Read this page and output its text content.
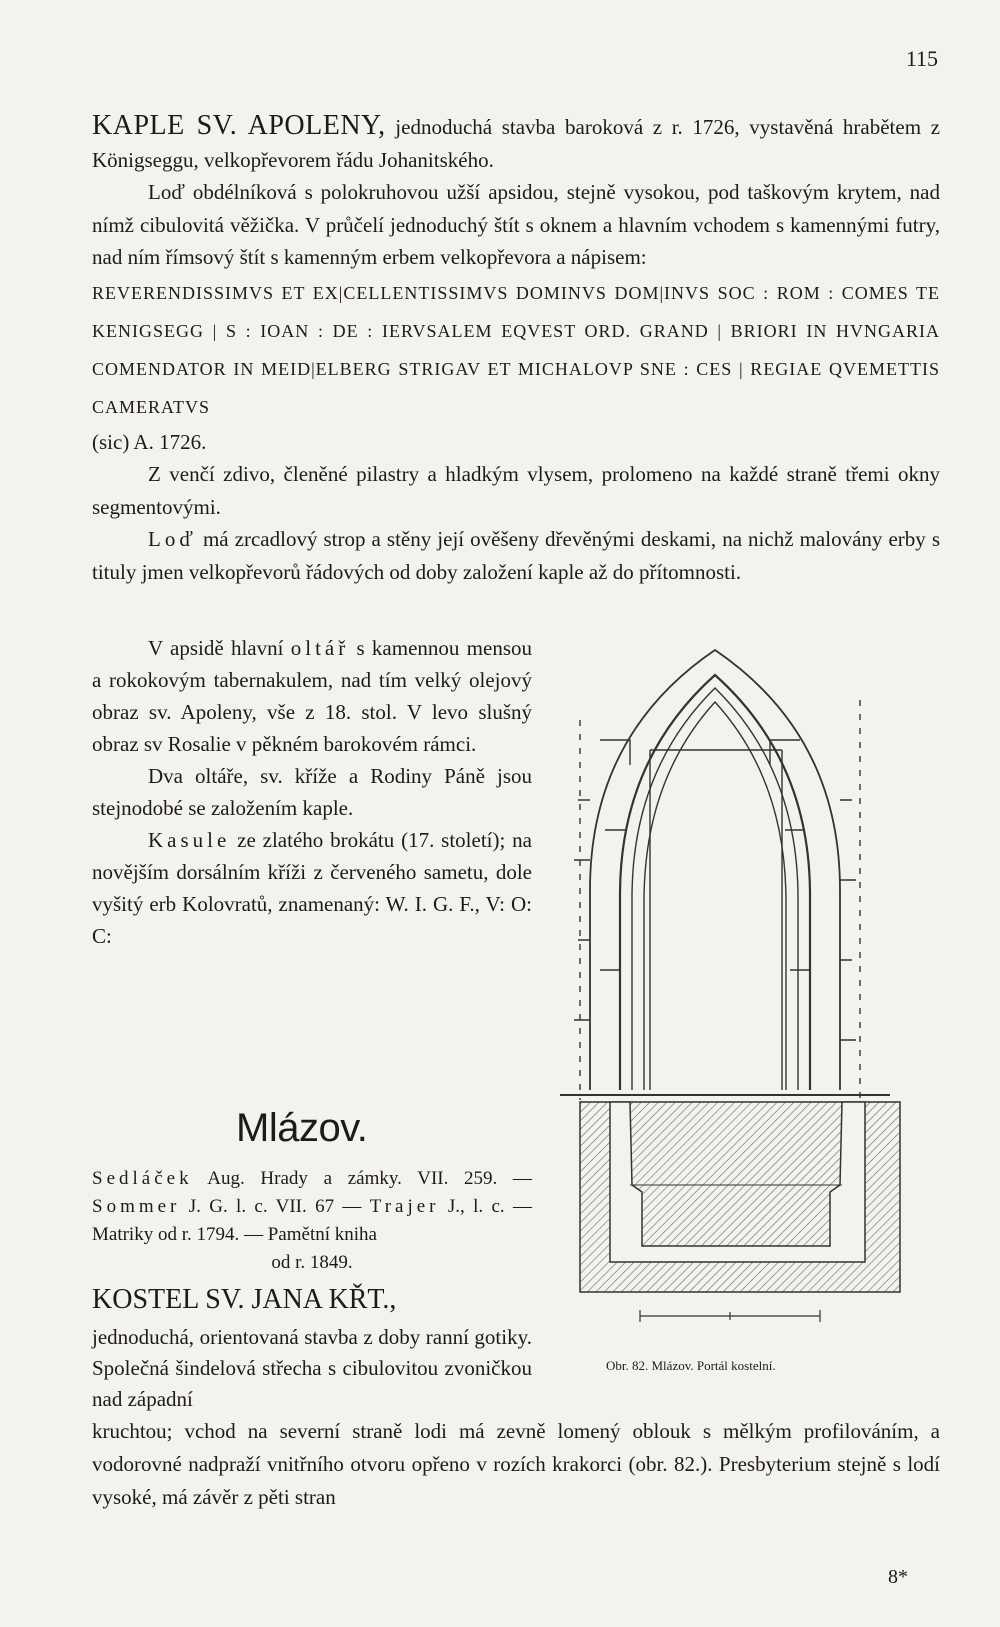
115

KAPLE SV. APOLENY, jednoduchá stavba baroková z r. 1726, vystavěná hrabětem z Königseggu, velkopřevorem řádu Johanitského.

Loď obdélníková s polokruhovou užší apsidou, stejně vysokou, pod taškovým krytem, nad nímž cibulovitá věžička. V průčelí jednoduchý štít s oknem a hlavním vchodem s kamennými futry, nad ním římsový štít s kamenným erbem velkopřevora a nápisem:

REVERENDISSIMVS ET EX|CELLENTISSIMVS DOMINVS DOM|INVS SOC : ROM : COMES TE KENIGSEGG | S : IOAN : DE : IERVSALEM EQVEST ORD. GRAND | BRIORI IN HVNGARIA COMENDATOR IN MEID|ELBERG STRIGAV ET MICHALOVP SNE : CES | REGIAE QVEMETTIS CAMERATVS

(sic) A. 1726.

Z venčí zdivo, členěné pilastry a hladkým vlysem, prolomeno na každé straně třemi okny segmentovými.

Loď má zrcadlový strop a stěny její ověšeny dřevěnými deskami, na nichž malovány erby s tituly jmen velkopřevorů řádových od doby založení kaple až do přítomnosti.

V apsidě hlavní oltář s kamennou mensou a rokokovým tabernakulem, nad tím velký olejový obraz sv. Apoleny, vše z 18. stol. V levo slušný obraz sv Rosalie v pěkném barokovém rámci.

Dva oltáře, sv. kříže a Rodiny Páně jsou stejnodobé se založením kaple.

Kasule ze zlatého brokátu (17. století); na novějším dorsálním kříži z červeného sametu, dole vyšitý erb Kolovratů, znamenaný: W. I. G. F., V: O: C:

Mlázov.
Sedláček Aug. Hrady a zámky. VII. 259. — Sommer J. G. l. c. VII. 67 — Trajer J., l. c. — Matriky od r. 1794. — Pamětní kniha
od r. 1849.
KOSTEL SV. JANA KŘT.,
jednoduchá, orientovaná stavba z doby ranní gotiky. Společná šindelová střecha s cibulovitou zvoničkou nad západní
kruchtou; vchod na severní straně lodi má zevně lomený oblouk s mělkým profilováním, a vodorovné nadpraží vnitřního otvoru opřeno v rozích krakorci (obr. 82.). Presbyterium stejně s lodí vysoké, má závěr z pěti stran
8*
Obr. 82. Mlázov. Portál kostelní.
